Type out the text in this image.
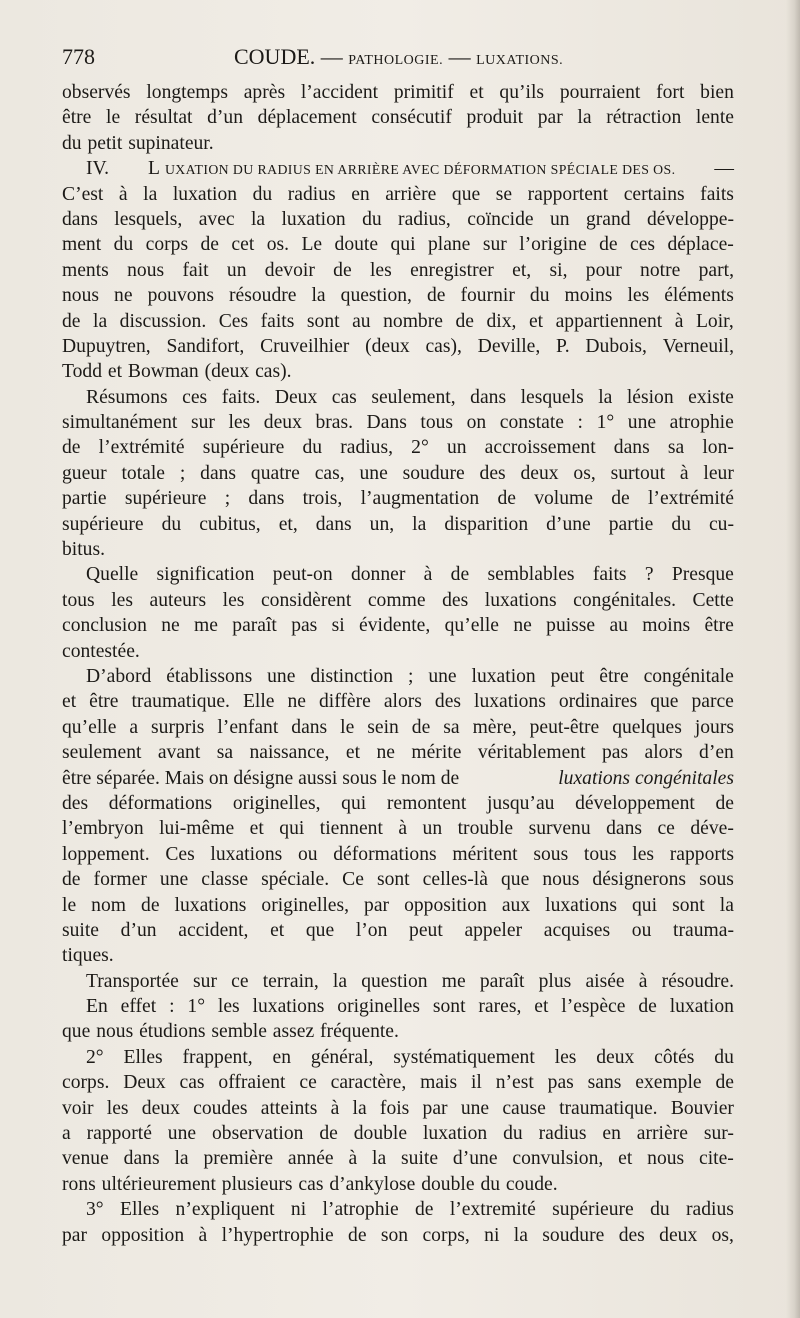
778	COUDE. — PATHOLOGIE. — LUXATIONS.
observés longtemps après l’accident primitif et qu’ils pourraient fort bien
être le résultat d’un déplacement consécutif produit par la rétraction lente
du petit supinateur.
IV. L UXATION DU RADIUS EN ARRIÈRE AVEC DÉFORMATION SPÉCIALE DES OS. —
C’est à la luxation du radius en arrière que se rapportent certains faits
dans lesquels, avec la luxation du radius, coïncide un grand développe-
ment du corps de cet os. Le doute qui plane sur l’origine de ces déplace-
ments nous fait un devoir de les enregistrer et, si, pour notre part,
nous ne pouvons résoudre la question, de fournir du moins les éléments
de la discussion. Ces faits sont au nombre de dix, et appartiennent à Loir,
Dupuytren, Sandifort, Cruveilhier (deux cas), Deville, P. Dubois, Verneuil,
Todd et Bowman (deux cas).
Résumons ces faits. Deux cas seulement, dans lesquels la lésion existe
simultanément sur les deux bras. Dans tous on constate : 1° une atrophie
de l’extrémité supérieure du radius, 2° un accroissement dans sa lon-
gueur totale ; dans quatre cas, une soudure des deux os, surtout à leur
partie supérieure ; dans trois, l’augmentation de volume de l’extrémité
supérieure du cubitus, et, dans un, la disparition d’une partie du cu-
bitus.
Quelle signification peut-on donner à de semblables faits ? Presque
tous les auteurs les considèrent comme des luxations congénitales. Cette
conclusion ne me paraît pas si évidente, qu’elle ne puisse au moins être
contestée.
D’abord établissons une distinction ; une luxation peut être congénitale
et être traumatique. Elle ne diffère alors des luxations ordinaires que parce
qu’elle a surpris l’enfant dans le sein de sa mère, peut-être quelques jours
seulement avant sa naissance, et ne mérite véritablement pas alors d’en
être séparée. Mais on désigne aussi sous le nom de	luxations congénitales
des déformations originelles, qui remontent jusqu’au développement de
l’embryon lui-même et qui tiennent à un trouble survenu dans ce déve-
loppement. Ces luxations ou déformations méritent sous tous les rapports
de former une classe spéciale. Ce sont celles-là que nous désignerons sous
le nom de luxations originelles, par opposition aux luxations qui sont la
suite d’un accident, et que l’on peut appeler acquises ou trauma-
tiques.
Transportée sur ce terrain, la question me paraît plus aisée à résoudre.
En effet : 1° les luxations originelles sont rares, et l’espèce de luxation
que nous étudions semble assez fréquente.
2° Elles frappent, en général, systématiquement les deux côtés du
corps. Deux cas offraient ce caractère, mais il n’est pas sans exemple de
voir les deux coudes atteints à la fois par une cause traumatique. Bouvier
a rapporté une observation de double luxation du radius en arrière sur-
venue dans la première année à la suite d’une convulsion, et nous cite-
rons ultérieurement plusieurs cas d’ankylose double du coude.
3° Elles n’expliquent ni l’atrophie de l’extremité supérieure du radius
par opposition à l’hypertrophie de son corps, ni la soudure des deux os,
